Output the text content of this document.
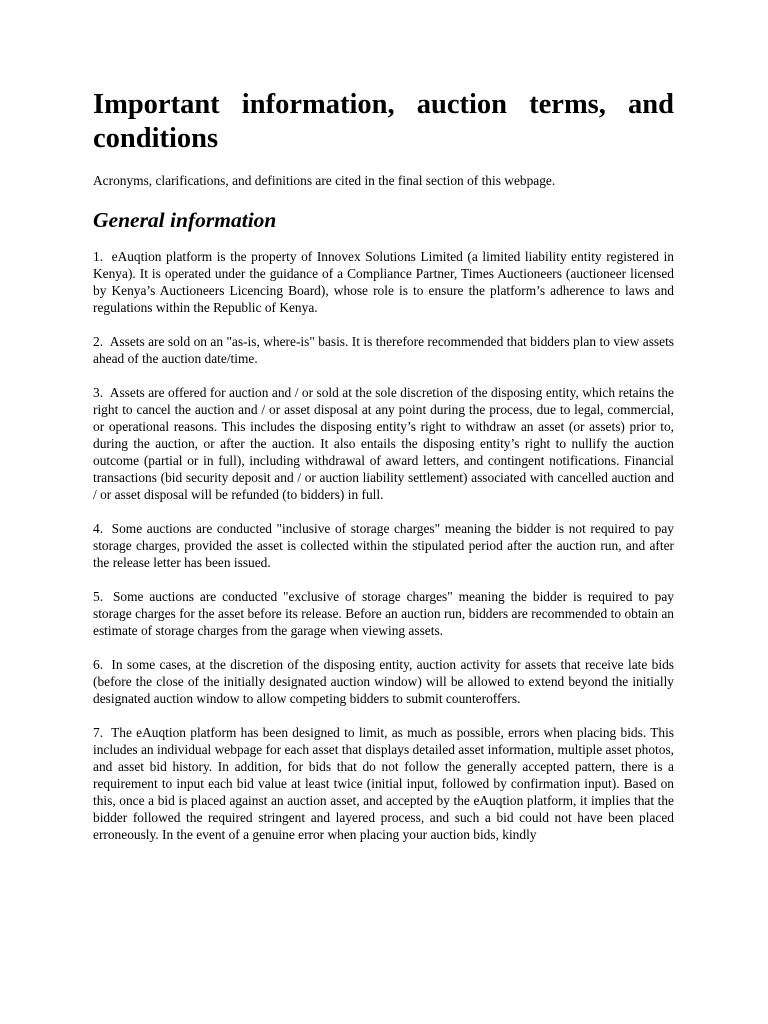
Important information, auction terms, and conditions

Acronyms, clarifications, and definitions are cited in the final section of this webpage.

General information

1. eAuqtion platform is the property of Innovex Solutions Limited (a limited liability entity registered in Kenya). It is operated under the guidance of a Compliance Partner, Times Auctioneers (auctioneer licensed by Kenya’s Auctioneers Licencing Board), whose role is to ensure the platform’s adherence to laws and regulations within the Republic of Kenya.

2. Assets are sold on an "as-is, where-is" basis. It is therefore recommended that bidders plan to view assets ahead of the auction date/time.

3. Assets are offered for auction and / or sold at the sole discretion of the disposing entity, which retains the right to cancel the auction and / or asset disposal at any point during the process, due to legal, commercial, or operational reasons. This includes the disposing entity’s right to withdraw an asset (or assets) prior to, during the auction, or after the auction. It also entails the disposing entity’s right to nullify the auction outcome (partial or in full), including withdrawal of award letters, and contingent notifications. Financial transactions (bid security deposit and / or auction liability settlement) associated with cancelled auction and / or asset disposal will be refunded (to bidders) in full.

4. Some auctions are conducted "inclusive of storage charges" meaning the bidder is not required to pay storage charges, provided the asset is collected within the stipulated period after the auction run, and after the release letter has been issued.

5. Some auctions are conducted "exclusive of storage charges" meaning the bidder is required to pay storage charges for the asset before its release. Before an auction run, bidders are recommended to obtain an estimate of storage charges from the garage when viewing assets.

6. In some cases, at the discretion of the disposing entity, auction activity for assets that receive late bids (before the close of the initially designated auction window) will be allowed to extend beyond the initially designated auction window to allow competing bidders to submit counteroffers.

7. The eAuqtion platform has been designed to limit, as much as possible, errors when placing bids. This includes an individual webpage for each asset that displays detailed asset information, multiple asset photos, and asset bid history. In addition, for bids that do not follow the generally accepted pattern, there is a requirement to input each bid value at least twice (initial input, followed by confirmation input). Based on this, once a bid is placed against an auction asset, and accepted by the eAuqtion platform, it implies that the bidder followed the required stringent and layered process, and such a bid could not have been placed erroneously. In the event of a genuine error when placing your auction bids, kindly
